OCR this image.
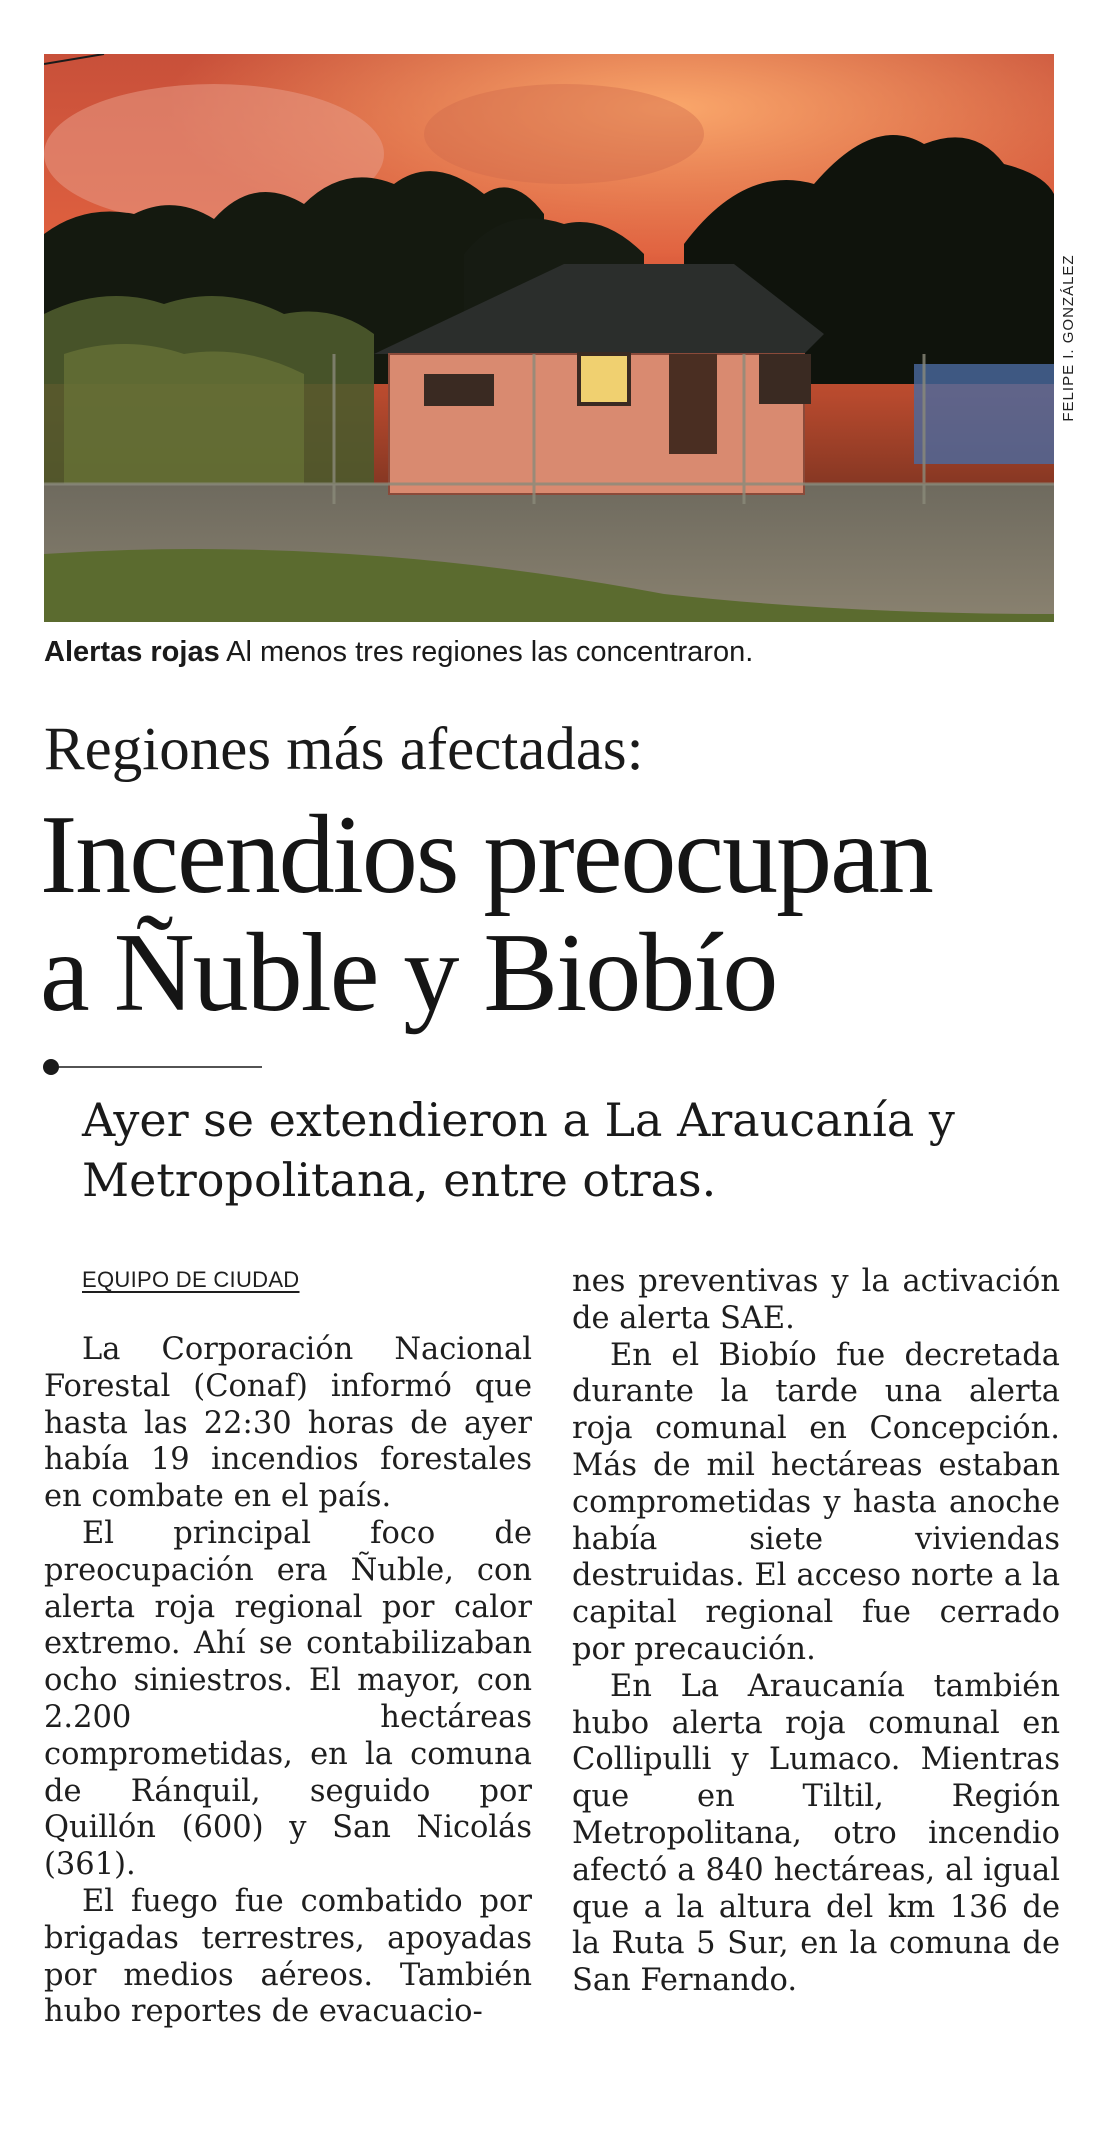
FELIPE I. GONZÁLEZ
Alertas rojas Al menos tres regiones las concentraron.
Regiones más afectadas:
Incendios preocupan
a Ñuble y Biobío
Ayer se extendieron a La Araucanía y Metropolitana, entre otras.
EQUIPO DE CIUDAD

La Corporación Nacional Forestal (Conaf) informó que hasta las 22:30 horas de ayer había 19 incendios forestales en combate en el país.

El principal foco de preocupación era Ñuble, con alerta roja regional por calor extremo. Ahí se contabilizaban ocho siniestros. El mayor, con 2.200 hectáreas comprometidas, en la comuna de Ránquil, seguido por Quillón (600) y San Nicolás (361).

El fuego fue combatido por brigadas terrestres, apoyadas por medios aéreos. También hubo reportes de evacuacio-

nes preventivas y la activación de alerta SAE.

En el Biobío fue decretada durante la tarde una alerta roja comunal en Concepción. Más de mil hectáreas estaban comprometidas y hasta anoche había siete viviendas destruidas. El acceso norte a la capital regional fue cerrado por precaución.

En La Araucanía también hubo alerta roja comunal en Collipulli y Lumaco. Mientras que en Tiltil, Región Metropolitana, otro incendio afectó a 840 hectáreas, al igual que a la altura del km 136 de la Ruta 5 Sur, en la comuna de San Fernando.
